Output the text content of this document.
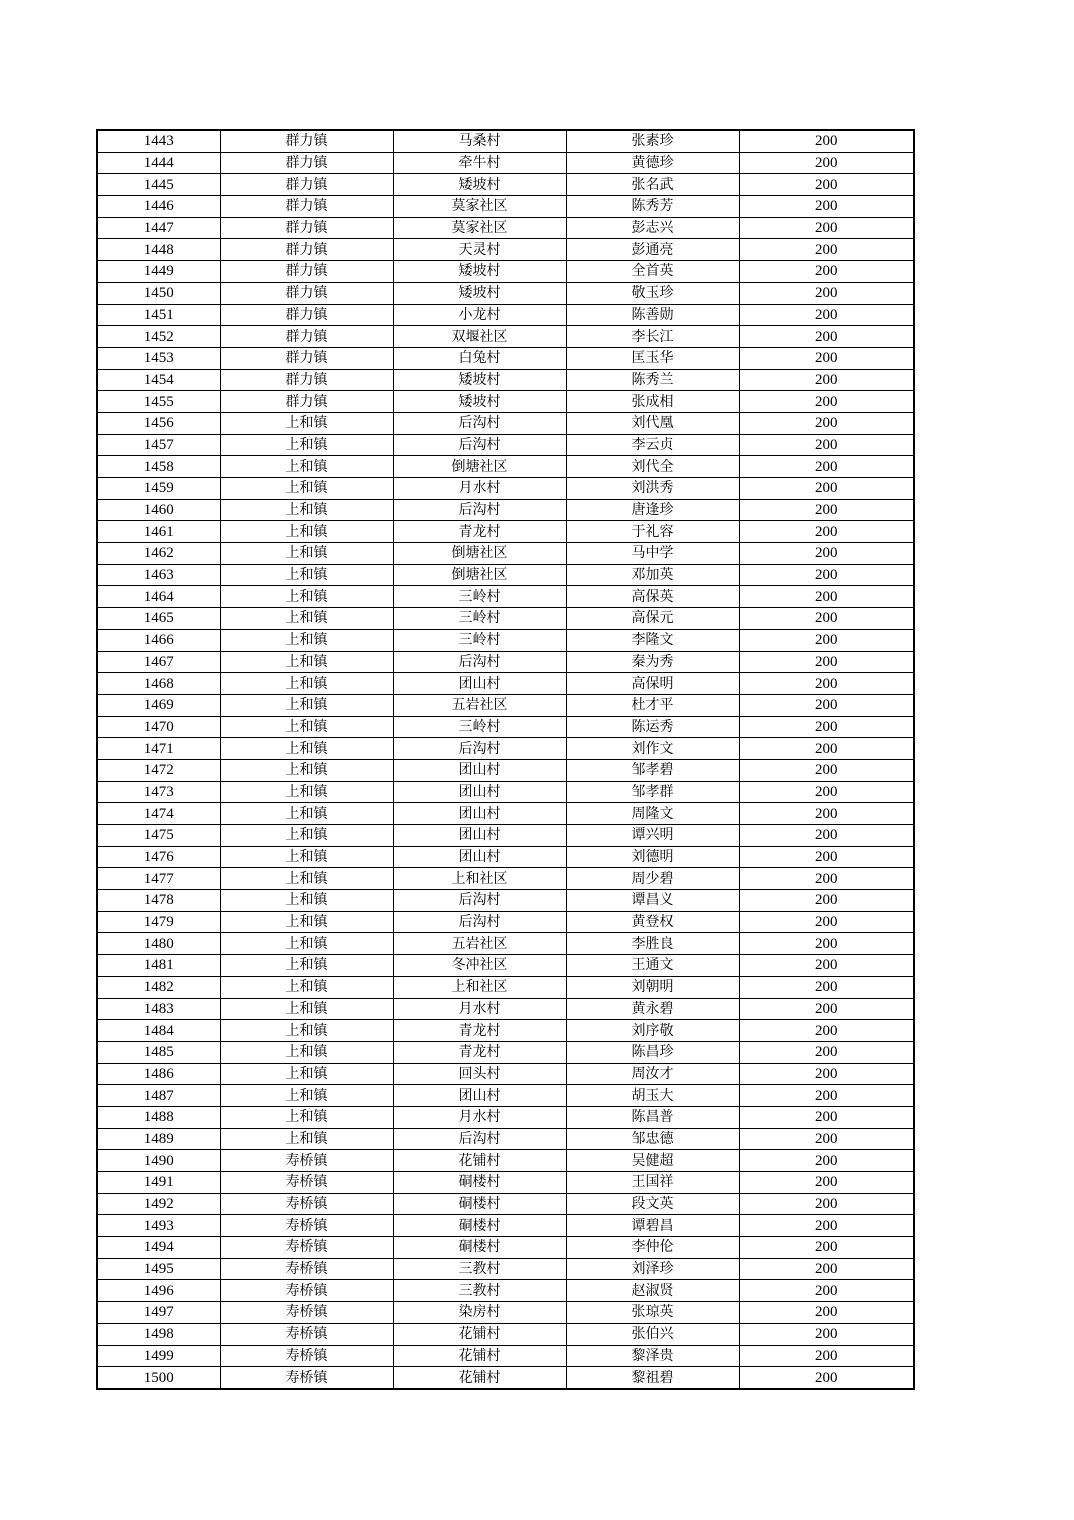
1443	群力镇	马桑村	张素珍	200
1444	群力镇	牵牛村	黄德珍	200
1445	群力镇	矮坡村	张名武	200
1446	群力镇	莫家社区	陈秀芳	200
1447	群力镇	莫家社区	彭志兴	200
1448	群力镇	天灵村	彭通亮	200
1449	群力镇	矮坡村	全首英	200
1450	群力镇	矮坡村	敬玉珍	200
1451	群力镇	小龙村	陈善勋	200
1452	群力镇	双堰社区	李长江	200
1453	群力镇	白兔村	匡玉华	200
1454	群力镇	矮坡村	陈秀兰	200
1455	群力镇	矮坡村	张成相	200
1456	上和镇	后沟村	刘代凰	200
1457	上和镇	后沟村	李云贞	200
1458	上和镇	倒塘社区	刘代全	200
1459	上和镇	月水村	刘洪秀	200
1460	上和镇	后沟村	唐逢珍	200
1461	上和镇	青龙村	于礼容	200
1462	上和镇	倒塘社区	马中学	200
1463	上和镇	倒塘社区	邓加英	200
1464	上和镇	三岭村	高保英	200
1465	上和镇	三岭村	高保元	200
1466	上和镇	三岭村	李隆文	200
1467	上和镇	后沟村	秦为秀	200
1468	上和镇	团山村	高保明	200
1469	上和镇	五岩社区	杜才平	200
1470	上和镇	三岭村	陈运秀	200
1471	上和镇	后沟村	刘作文	200
1472	上和镇	团山村	邹孝碧	200
1473	上和镇	团山村	邹孝群	200
1474	上和镇	团山村	周隆文	200
1475	上和镇	团山村	谭兴明	200
1476	上和镇	团山村	刘德明	200
1477	上和镇	上和社区	周少碧	200
1478	上和镇	后沟村	谭昌义	200
1479	上和镇	后沟村	黄登权	200
1480	上和镇	五岩社区	李胜良	200
1481	上和镇	冬冲社区	王通文	200
1482	上和镇	上和社区	刘朝明	200
1483	上和镇	月水村	黄永碧	200
1484	上和镇	青龙村	刘序敬	200
1485	上和镇	青龙村	陈昌珍	200
1486	上和镇	回头村	周汝才	200
1487	上和镇	团山村	胡玉大	200
1488	上和镇	月水村	陈昌普	200
1489	上和镇	后沟村	邹忠德	200
1490	寿桥镇	花铺村	吴健超	200
1491	寿桥镇	硐楼村	王国祥	200
1492	寿桥镇	硐楼村	段文英	200
1493	寿桥镇	硐楼村	谭碧昌	200
1494	寿桥镇	硐楼村	李仲伦	200
1495	寿桥镇	三教村	刘泽珍	200
1496	寿桥镇	三教村	赵淑贤	200
1497	寿桥镇	染房村	张琼英	200
1498	寿桥镇	花铺村	张伯兴	200
1499	寿桥镇	花铺村	黎泽贵	200
1500	寿桥镇	花铺村	黎祖碧	200
